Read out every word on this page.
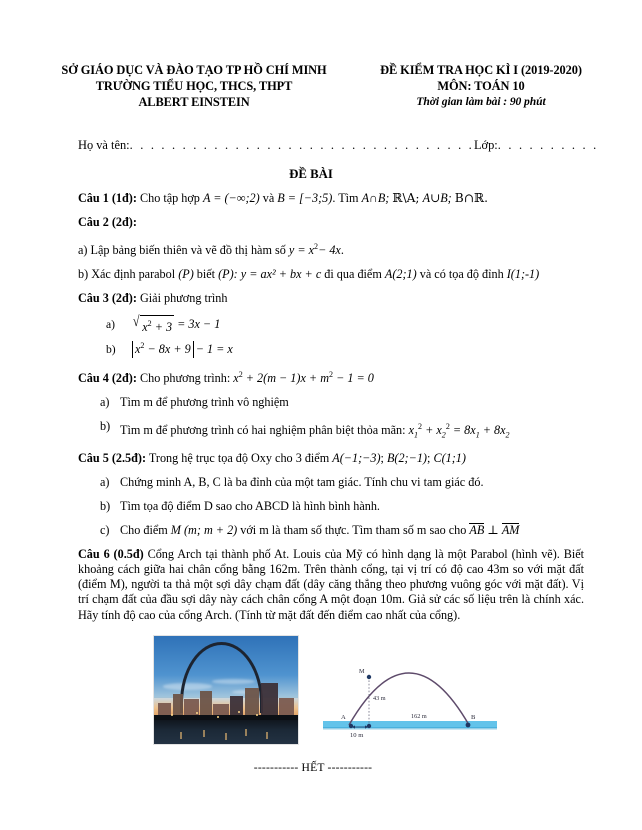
SỞ GIÁO DỤC VÀ ĐÀO TẠO TP HỒ CHÍ MINH
TRƯỜNG TIỂU HỌC, THCS, THPT
ALBERT EINSTEIN
ĐỀ KIỂM TRA HỌC KÌ I (2019-2020)
MÔN: TOÁN 10
Thời gian làm bài : 90 phút
Họ và tên:. . . . . . . . . . . . . . . . . . . . . . . . . . . . . . . . .Lớp:. . . . . . . . . .
ĐỀ BÀI
Câu 1 (1đ): Cho tập hợp A = (−∞;2) và B = [−3;5). Tìm A∩B; ℝ\A; A∪B; B∩ℝ.
Câu 2 (2đ):
a) Lập bảng biến thiên và vẽ đồ thị hàm số $y = x^2- 4x$.
b) Xác định parabol (P) biết (P): y = ax² + bx + c đi qua điểm A(2;1) và có tọa độ đỉnh I(1;-1)
Câu 3 (2đ): Giải phương trình
a)	√ $x^2 + 3 = 3x - 1$
b)	$x^2 - 8x + 9 - 1 = x$
Câu 4 (2đ): Cho phương trình: $x^2 + 2(m - 1)x + m^2 - 1 = 0$
a) Tìm m để phương trình vô nghiệm
b) Tìm m để phương trình có hai nghiệm phân biệt thỏa mãn: $x_1^2 + x_2^2 = 8x_1 + 8x_2$
Câu 5 (2.5đ): Trong hệ trục tọa độ Oxy cho 3 điểm A(−1;−3); B(2;−1); C(1;1)
a) Chứng minh A, B, C là ba đỉnh của một tam giác. Tính chu vi tam giác đó.
b) Tìm tọa độ điểm D sao cho ABCD là hình bình hành.
c) Cho điểm M (m; m + 2) với m là tham số thực. Tìm tham số m sao cho AB ⊥ AM
Câu 6 (0.5đ) Cổng Arch tại thành phố At. Louis của Mỹ có hình dạng là một Parabol (hình vẽ). Biết khoảng cách giữa hai chân cổng bằng 162m. Trên thành cổng, tại vị trí có độ cao 43m so với mặt đất (điểm M), người ta thả một sợi dây chạm đất (dây căng thẳng theo phương vuông góc với mặt đất). Vị trí chạm đất của đầu sợi dây này cách chân cổng A một đoạn 10m. Giả sử các số liệu trên là chính xác. Hãy tính độ cao của cổng Arch. (Tính từ mặt đất đến điểm cao nhất của cổng).
M
A	B
43 m
162 m
10 m
----------- HẾT -----------
